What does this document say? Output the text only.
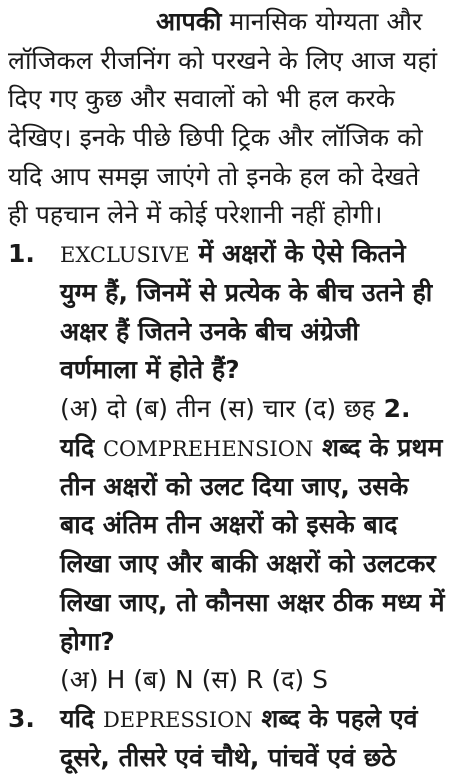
आपकी मानसिक योग्यता और
लॉजिकल रीजनिंग को परखने के लिए आज यहां
दिए गए कुछ और सवालों को भी हल करके
देखिए। इनके पीछे छिपी ट्रिक और लॉजिक को
यदि आप समझ जाएंगे तो इनके हल को देखते
ही पहचान लेने में कोई परेशानी नहीं होगी।
1. EXCLUSIVE में अक्षरों के ऐसे कितने
युग्म हैं, जिनमें से प्रत्येक के बीच उतने ही
अक्षर हैं जितने उनके बीच अंग्रेजी
वर्णमाला में होते हैं?
(अ) दो (ब) तीन (स) चार (द) छह 2.
यदि COMPREHENSION शब्द के प्रथम
तीन अक्षरों को उलट दिया जाए, उसके
बाद अंतिम तीन अक्षरों को इसके बाद
लिखा जाए और बाकी अक्षरों को उलटकर
लिखा जाए, तो कौनसा अक्षर ठीक मध्य में
होगा?
(अ) H (ब) N (स) R (द) S
3. यदि DEPRESSION शब्द के पहले एवं
दूसरे, तीसरे एवं चौथे, पांचवें एवं छठे
